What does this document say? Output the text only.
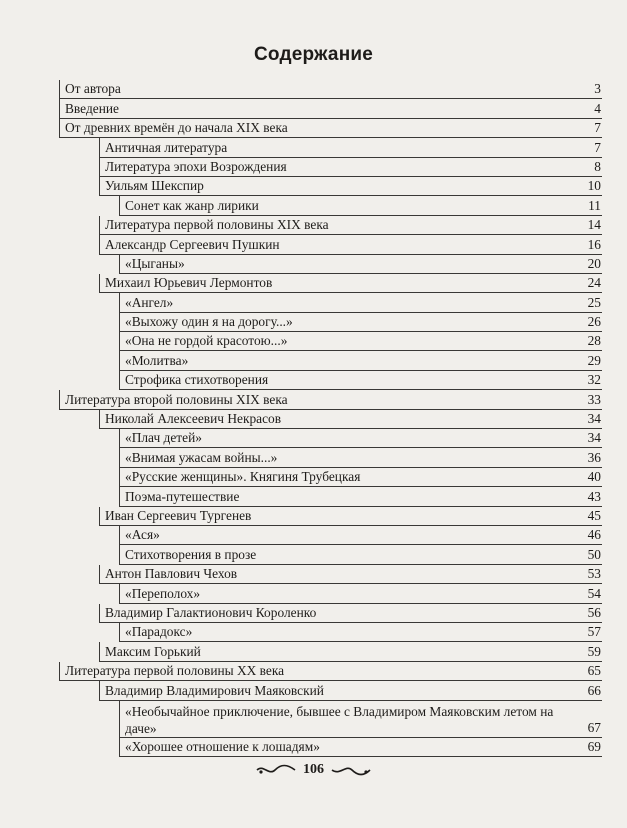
Содержание
От автора	3
Введение	4
От древних времён до начала XIX века	7
Античная литература	7
Литература эпохи Возрождения	8
Уильям Шекспир	10
Сонет как жанр лирики	11
Литература первой половины XIX века	14
Александр Сергеевич Пушкин	16
«Цыганы»	20
Михаил Юрьевич Лермонтов	24
«Ангел»	25
«Выхожу один я на дорогу...»	26
«Она не гордой красотою...»	28
«Молитва»	29
Строфика стихотворения	32
Литература второй половины XIX века	33
Николай Алексеевич Некрасов	34
«Плач детей»	34
«Внимая ужасам войны...»	36
«Русские женщины». Княгиня Трубецкая	40
Поэма-путешествие	43
Иван Сергеевич Тургенев	45
«Ася»	46
Стихотворения в прозе	50
Антон Павлович Чехов	53
«Переполох»	54
Владимир Галактионович Короленко	56
«Парадокс»	57
Максим Горький	59
Литература первой половины XX века	65
Владимир Владимирович Маяковский	66
«Необычайное приключение, бывшее с Владимиром Маяковским летом на даче»	67
«Хорошее отношение к лошадям»	69
106
